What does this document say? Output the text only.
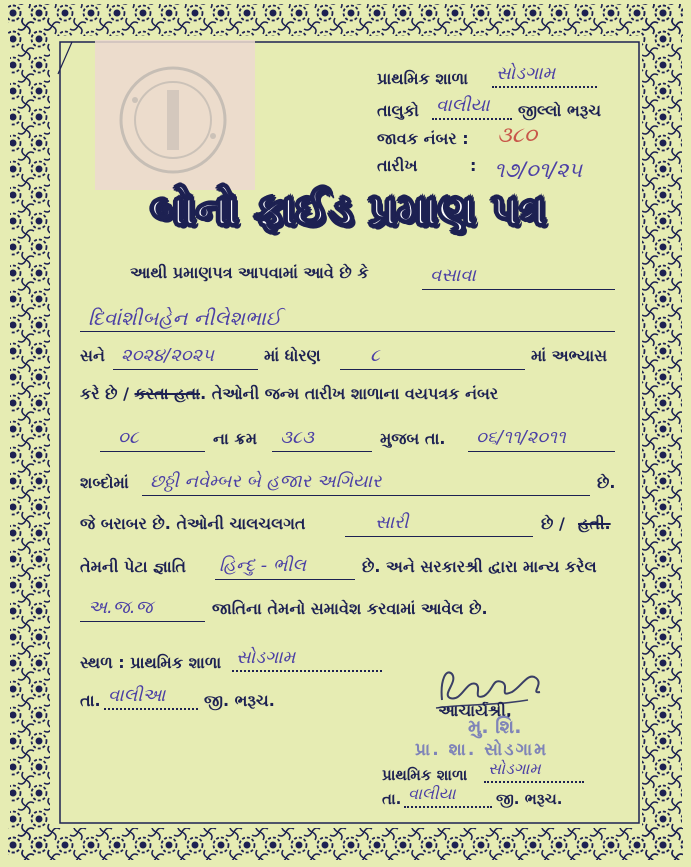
પ્રાથમિક શાળા સોડગામ
તાલુકો વાલીયા જીલ્લો ભરૂચ
જાવક નંબર : ૩૮૦
તારીખ	: ૧૭/૦૧/૨૫
બોનો ફાઈડ પ્રમાણ પત્ર
આથી પ્રમાણપત્ર આપવામાં આવે છે કે	વસાવા
દિવાંશીબહેન નીલેશભાઈ
સને ૨૦૨૪/૨૦૨૫	માં ધોરણ	૮	માં અભ્યાસ
કરે છે / કરતા હતા. તેઓની જન્મ તારીખ શાળાના વયપત્રક નંબર
૦૮	ના ક્રમ ૩૮૩	મુજબ તા. ૦૬/૧૧/૨૦૧૧
શબ્દોમાં છઠ્ઠી નવેમ્બર બે હજાર અગિયાર	છે.
જે બરાબર છે. તેઓની ચાલચલગત	સારી	છે / હતી.
તેમની પેટા જ્ઞાતિ હિન્દુ - ભીલ	છે. અને સરકારશ્રી દ્વારા માન્ય કરેલ
અ.જ.જ	જાતિના તેમનો સમાવેશ કરવામાં આવેલ છે.
સ્થળ : પ્રાથમિક શાળા સોડગામ
તા. વાલીઆ જી. ભરૂચ.
આચાર્યશ્રી,
મુ. શિ.
પ્રા. શા. સોડગામ
પ્રાથમિક શાળા સોડગામ
તા. વાલીયા	જી. ભરૂચ.
